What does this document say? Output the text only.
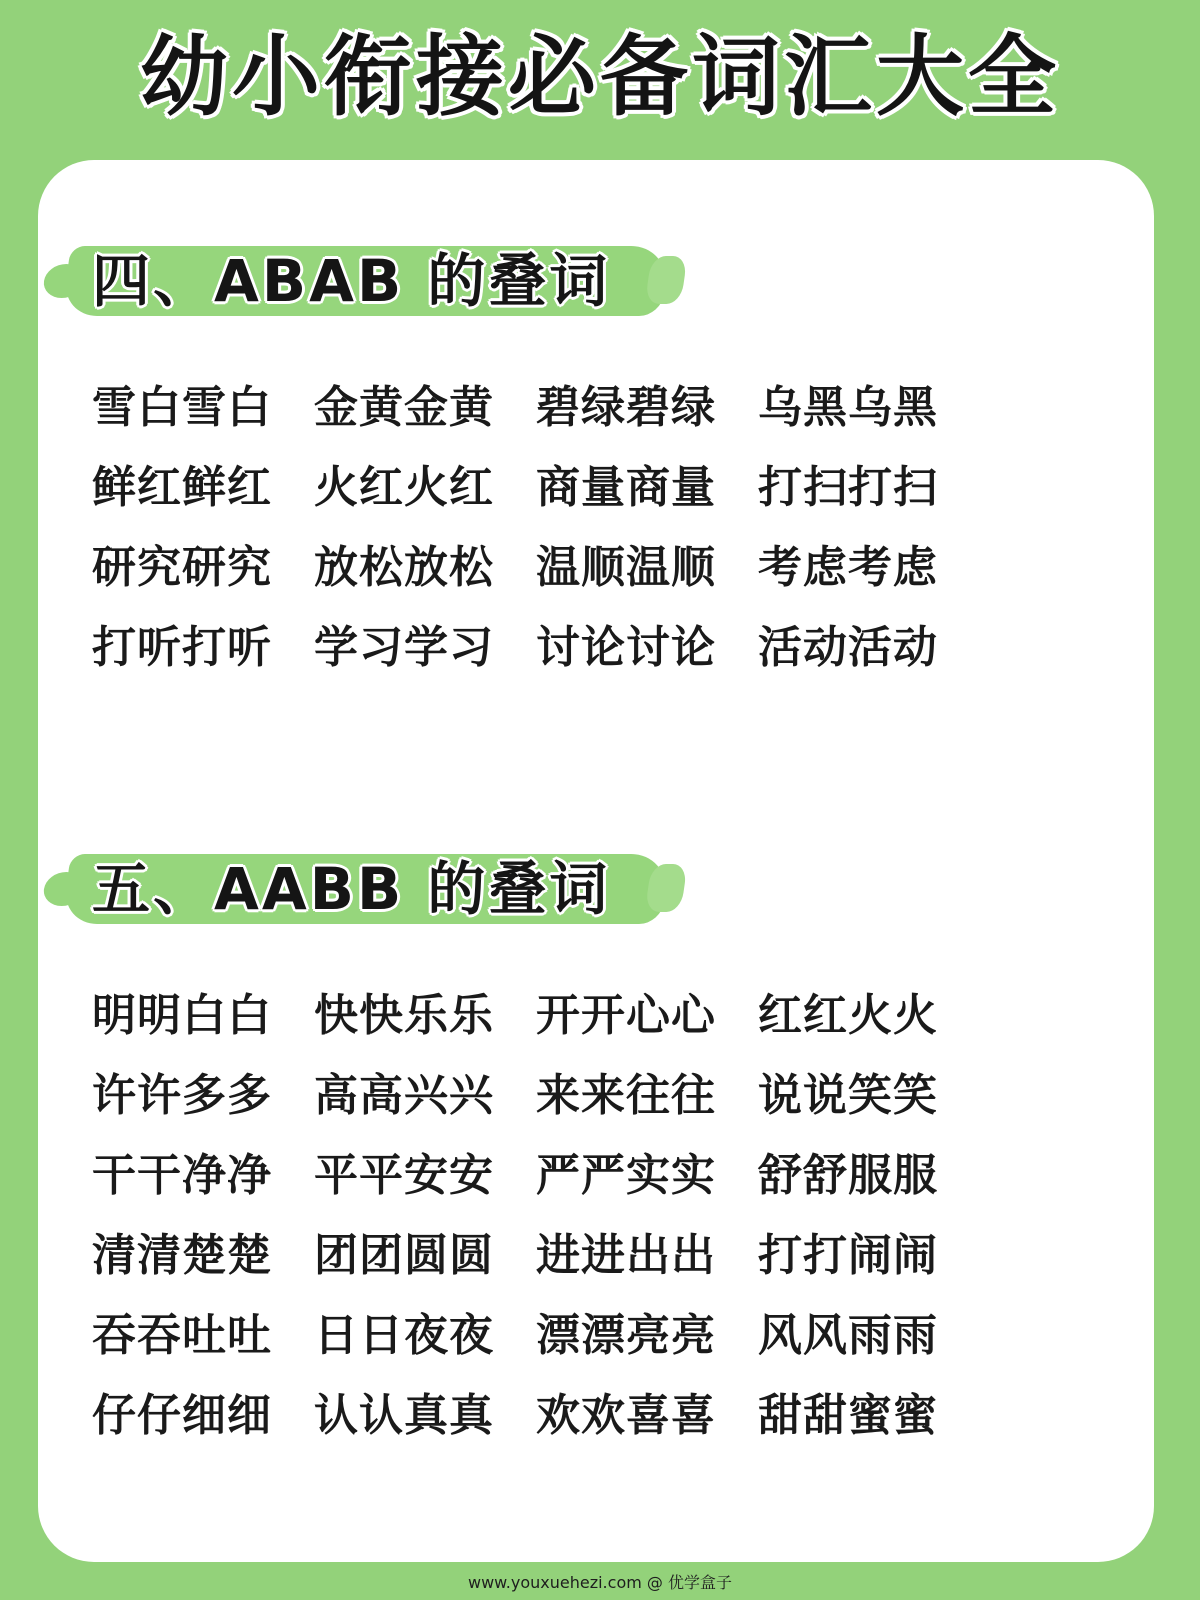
幼小衔接必备词汇大全
四、ABAB 的叠词
雪白雪白 金黄金黄 碧绿碧绿 乌黑乌黑
鲜红鲜红 火红火红 商量商量 打扫打扫
研究研究 放松放松 温顺温顺 考虑考虑
打听打听 学习学习 讨论讨论 活动活动
五、AABB 的叠词
明明白白 快快乐乐 开开心心 红红火火
许许多多 高高兴兴 来来往往 说说笑笑
干干净净 平平安安 严严实实 舒舒服服
清清楚楚 团团圆圆 进进出出 打打闹闹
吞吞吐吐 日日夜夜 漂漂亮亮 风风雨雨
仔仔细细 认认真真 欢欢喜喜 甜甜蜜蜜
www.youxuehezi.com @ 优学盒子
